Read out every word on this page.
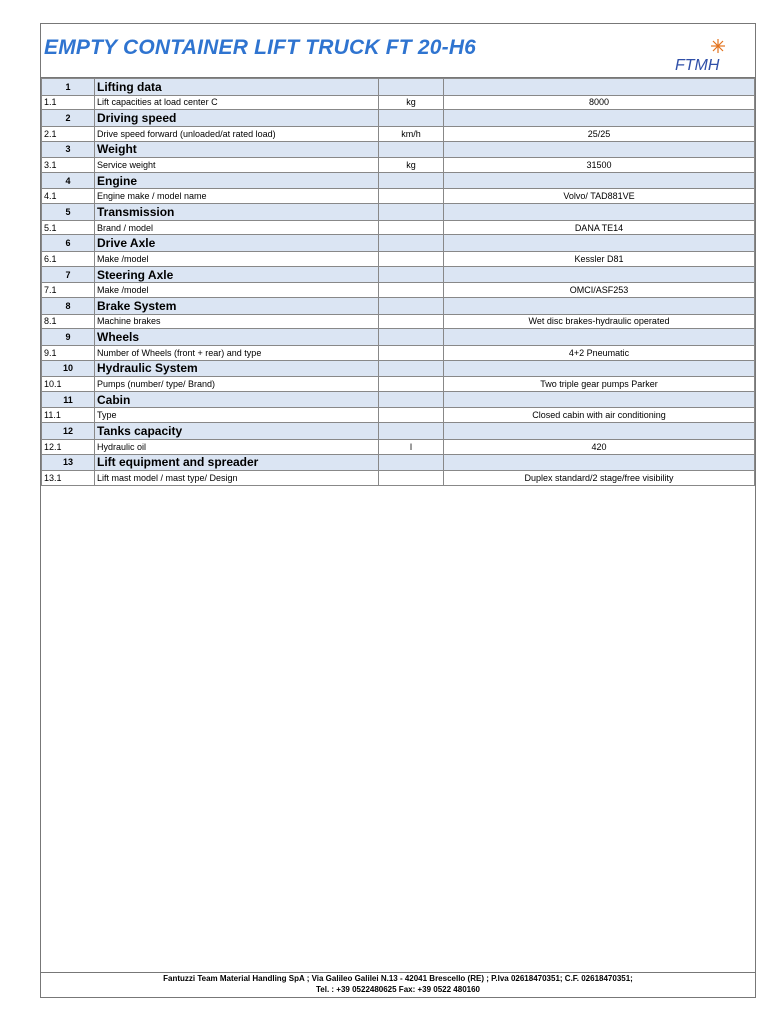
EMPTY CONTAINER LIFT TRUCK FT 20-H6
FTMH
1	Lifting data		
1.1	Lift capacities at load center C	kg	8000
2	Driving speed		
2.1	Drive speed forward (unloaded/at rated load)	km/h	25/25
3	Weight		
3.1	Service weight	kg	31500
4	Engine		
4.1	Engine make / model name		Volvo/ TAD881VE
5	Transmission		
5.1	Brand / model		DANA TE14
6	Drive Axle		
6.1	Make /model		Kessler D81
7	Steering Axle		
7.1	Make /model		OMCI/ASF253
8	Brake System		
8.1	Machine brakes		Wet disc brakes-hydraulic operated
9	Wheels		
9.1	Number of Wheels (front + rear) and type		4+2 Pneumatic
10	Hydraulic System		
10.1	Pumps (number/ type/ Brand)		Two triple gear pumps Parker
11	Cabin		
11.1	Type		Closed cabin with air conditioning
12	Tanks capacity		
12.1	Hydraulic oil	l	420
13	Lift equipment and spreader		
13.1	Lift mast model / mast type/ Design		Duplex standard/2 stage/free visibility
Fantuzzi Team Material Handling SpA ; Via Galileo Galilei N.13 - 42041 Brescello (RE) ; P.Iva 02618470351; C.F. 02618470351;
Tel. : +39 0522480625 Fax: +39 0522 480160
